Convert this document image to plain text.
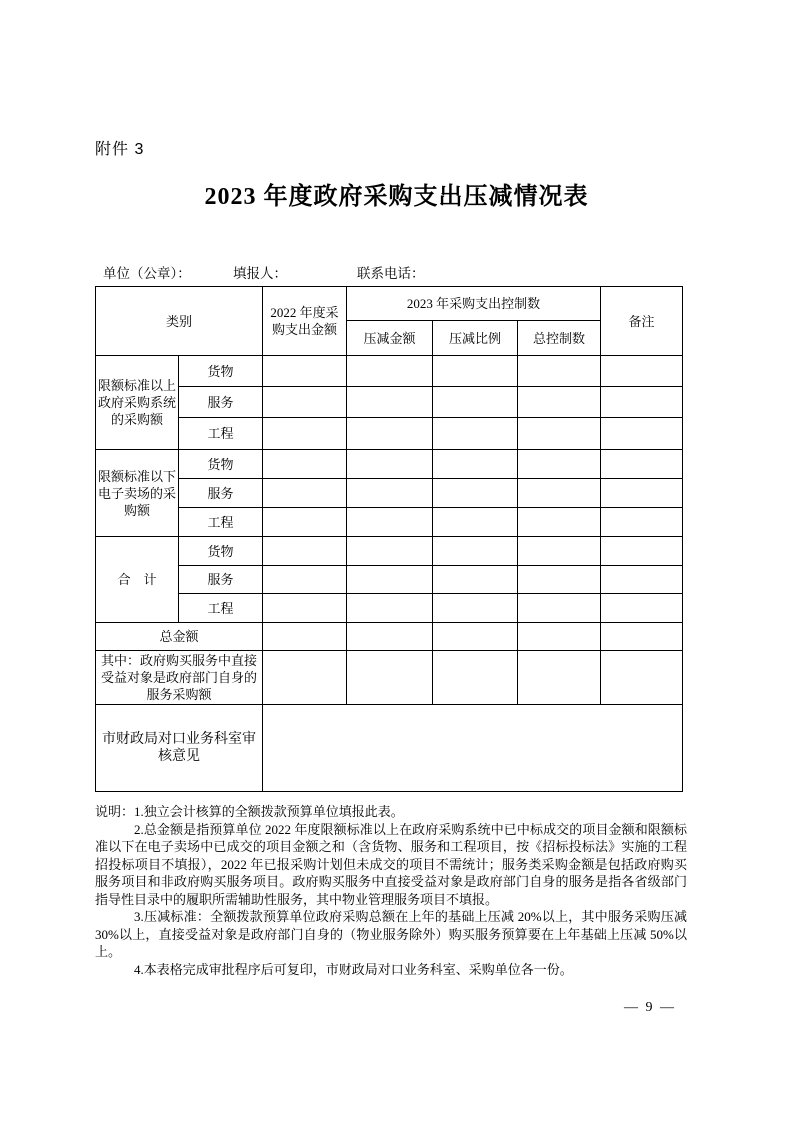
附件 3
2023 年度政府采购支出压减情况表
单位（公章）：	填报人：	联系电话：
类别		2022 年度采购支出金额	2023 年采购支出控制数			备注
			压减金额	压减比例	总控制数	
限额标准以上政府采购系统的采购额	货物					
	服务					
	工程					
限额标准以下电子卖场的采购额	货物					
	服务					
	工程					
合　计	货物					
	服务					
	工程					
总金额						
其中：政府购买服务中直接受益对象是政府部门自身的服务采购额						
市财政局对口业务科室审核意见						

说明：1.独立会计核算的全额拨款预算单位填报此表。

2.总金额是指预算单位 2022 年度限额标准以上在政府采购系统中已中标成交的项目金额和限额标准以下在电子卖场中已成交的项目金额之和（含货物、服务和工程项目，按《招标投标法》实施的工程招投标项目不填报），2022 年已报采购计划但未成交的项目不需统计；服务类采购金额是包括政府购买服务项目和非政府购买服务项目。政府购买服务中直接受益对象是政府部门自身的服务是指各省级部门指导性目录中的履职所需辅助性服务，其中物业管理服务项目不填报。

3.压减标准：全额拨款预算单位政府采购总额在上年的基础上压减 20%以上，其中服务采购压减 30%以上，直接受益对象是政府部门自身的（物业服务除外）购买服务预算要在上年基础上压减 50%以上。

4.本表格完成审批程序后可复印，市财政局对口业务科室、采购单位各一份。

— 9 —
